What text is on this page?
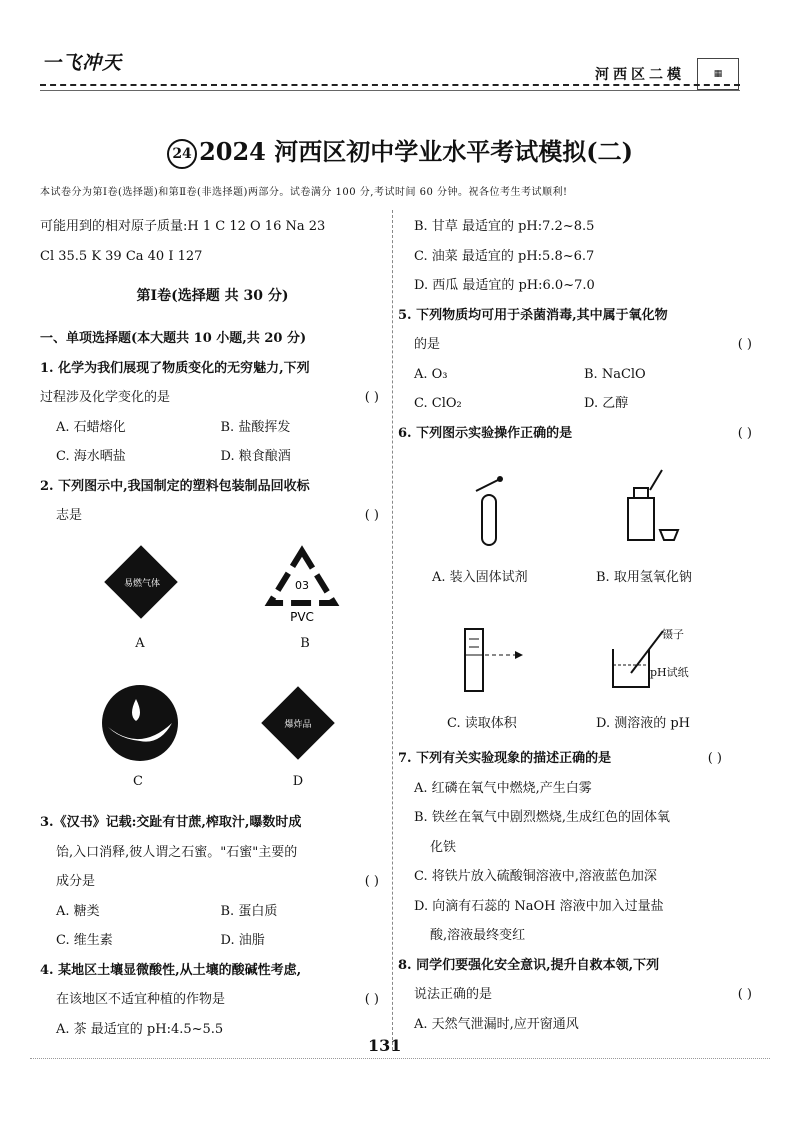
一飞冲天
河西区二模	▦
24 2024 河西区初中学业水平考试模拟(二)
本试卷分为第Ⅰ卷(选择题)和第Ⅱ卷(非选择题)两部分。试卷满分 100 分,考试时间 60 分钟。祝各位考生考试顺利!
可能用到的相对原子质量:H 1 C 12 O 16 Na 23
Cl 35.5 K 39 Ca 40 I 127
第Ⅰ卷(选择题 共 30 分)
一、单项选择题(本大题共 10 小题,共 20 分)
1. 化学为我们展现了物质变化的无穷魅力,下列
过程涉及化学变化的是	( )
A. 石蜡熔化	B. 盐酸挥发
C. 海水晒盐	D. 粮食酿酒
2. 下列图示中,我国制定的塑料包装制品回收标
志是	( )
易燃气体
A
03
PVC
B
C
爆炸品
D
3.《汉书》记载:交趾有甘蔗,榨取汁,曝数时成
饴,入口消释,彼人谓之石蜜。"石蜜"主要的
成分是	( )
A. 糖类	B. 蛋白质
C. 维生素	D. 油脂
4. 某地区土壤显微酸性,从土壤的酸碱性考虑,
在该地区不适宜种植的作物是	( )
A. 茶 最适宜的 pH:4.5~5.5
B. 甘草 最适宜的 pH:7.2~8.5
C. 油菜 最适宜的 pH:5.8~6.7
D. 西瓜 最适宜的 pH:6.0~7.0
5. 下列物质均可用于杀菌消毒,其中属于氧化物
的是	( )
A. O₃	B. NaClO
C. ClO₂	D. 乙醇
6. 下列图示实验操作正确的是	( )
A. 装入固体试剂	B. 取用氢氧化钠
C. 读取体积
镊子
pH试纸
D. 测溶液的 pH
7. 下列有关实验现象的描述正确的是	( )
A. 红磷在氧气中燃烧,产生白雾
B. 铁丝在氧气中剧烈燃烧,生成红色的固体氧
化铁
C. 将铁片放入硫酸铜溶液中,溶液蓝色加深
D. 向滴有石蕊的 NaOH 溶液中加入过量盐
酸,溶液最终变红
8. 同学们要强化安全意识,提升自救本领,下列
说法正确的是	( )
A. 天然气泄漏时,应开窗通风
131
